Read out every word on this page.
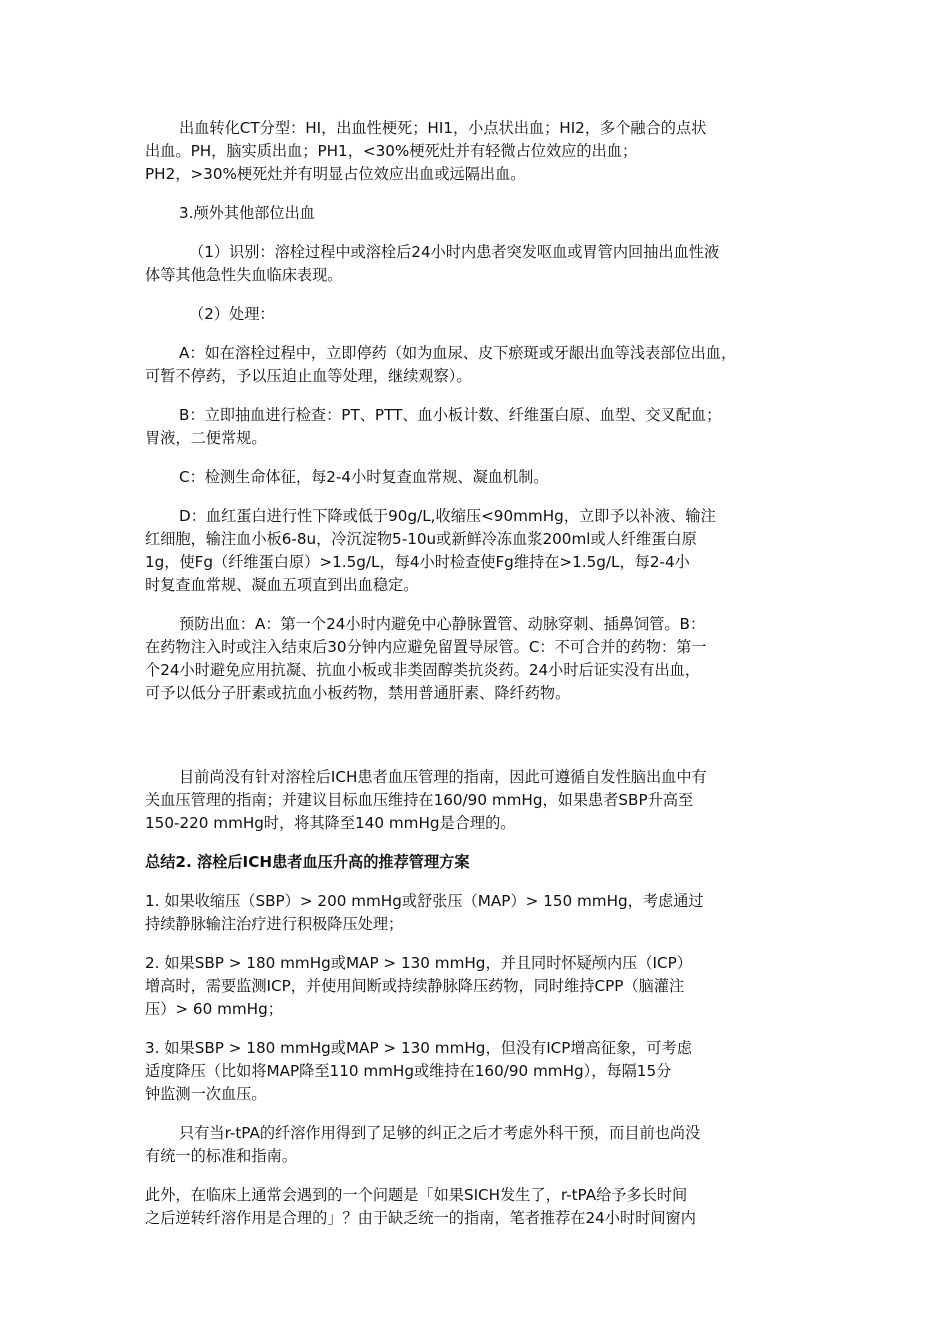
出血转化CT分型：HI，出血性梗死；HI1，小点状出血；HI2，多个融合的点状
出血。PH，脑实质出血；PH1，<30%梗死灶并有轻微占位效应的出血；
PH2，>30%梗死灶并有明显占位效应出血或远隔出血。

3.颅外其他部位出血

（1）识别：溶栓过程中或溶栓后24小时内患者突发呕血或胃管内回抽出血性液
体等其他急性失血临床表现。

（2）处理：

A：如在溶栓过程中，立即停药（如为血尿、皮下瘀斑或牙龈出血等浅表部位出血，
可暂不停药，予以压迫止血等处理，继续观察）。

B：立即抽血进行检查：PT、PTT、血小板计数、纤维蛋白原、血型、交叉配血；
胃液，二便常规。

C：检测生命体征，每2-4小时复查血常规、凝血机制。

D：血红蛋白进行性下降或低于90g/L,收缩压<90mmHg，立即予以补液、输注
红细胞，输注血小板6-8u，冷沉淀物5-10u或新鲜冷冻血浆200ml或人纤维蛋白原
1g，使Fg（纤维蛋白原）>1.5g/L，每4小时检查使Fg维持在>1.5g/L，每2-4小
时复查血常规、凝血五项直到出血稳定。

预防出血：A：第一个24小时内避免中心静脉置管、动脉穿刺、插鼻饲管。B：
在药物注入时或注入结束后30分钟内应避免留置导尿管。C：不可合并的药物：第一
个24小时避免应用抗凝、抗血小板或非类固醇类抗炎药。24小时后证实没有出血，
可予以低分子肝素或抗血小板药物，禁用普通肝素、降纤药物。

目前尚没有针对溶栓后ICH患者血压管理的指南，因此可遵循自发性脑出血中有
关血压管理的指南；并建议目标血压维持在160/90 mmHg，如果患者SBP升高至
150-220 mmHg时，将其降至140 mmHg是合理的。

总结2. 溶栓后ICH患者血压升高的推荐管理方案

1. 如果收缩压（SBP）> 200 mmHg或舒张压（MAP）> 150 mmHg，考虑通过
持续静脉输注治疗进行积极降压处理；

2. 如果SBP > 180 mmHg或MAP > 130 mmHg，并且同时怀疑颅内压（ICP）
增高时，需要监测ICP，并使用间断或持续静脉降压药物，同时维持CPP（脑灌注
压）> 60 mmHg；

3. 如果SBP > 180 mmHg或MAP > 130 mmHg，但没有ICP增高征象，可考虑
适度降压（比如将MAP降至110 mmHg或维持在160/90 mmHg），每隔15分
钟监测一次血压。

只有当r-tPA的纤溶作用得到了足够的纠正之后才考虑外科干预，而目前也尚没
有统一的标准和指南。

此外，在临床上通常会遇到的一个问题是「如果SICH发生了，r-tPA给予多长时间
之后逆转纤溶作用是合理的」？由于缺乏统一的指南，笔者推荐在24小时时间窗内
